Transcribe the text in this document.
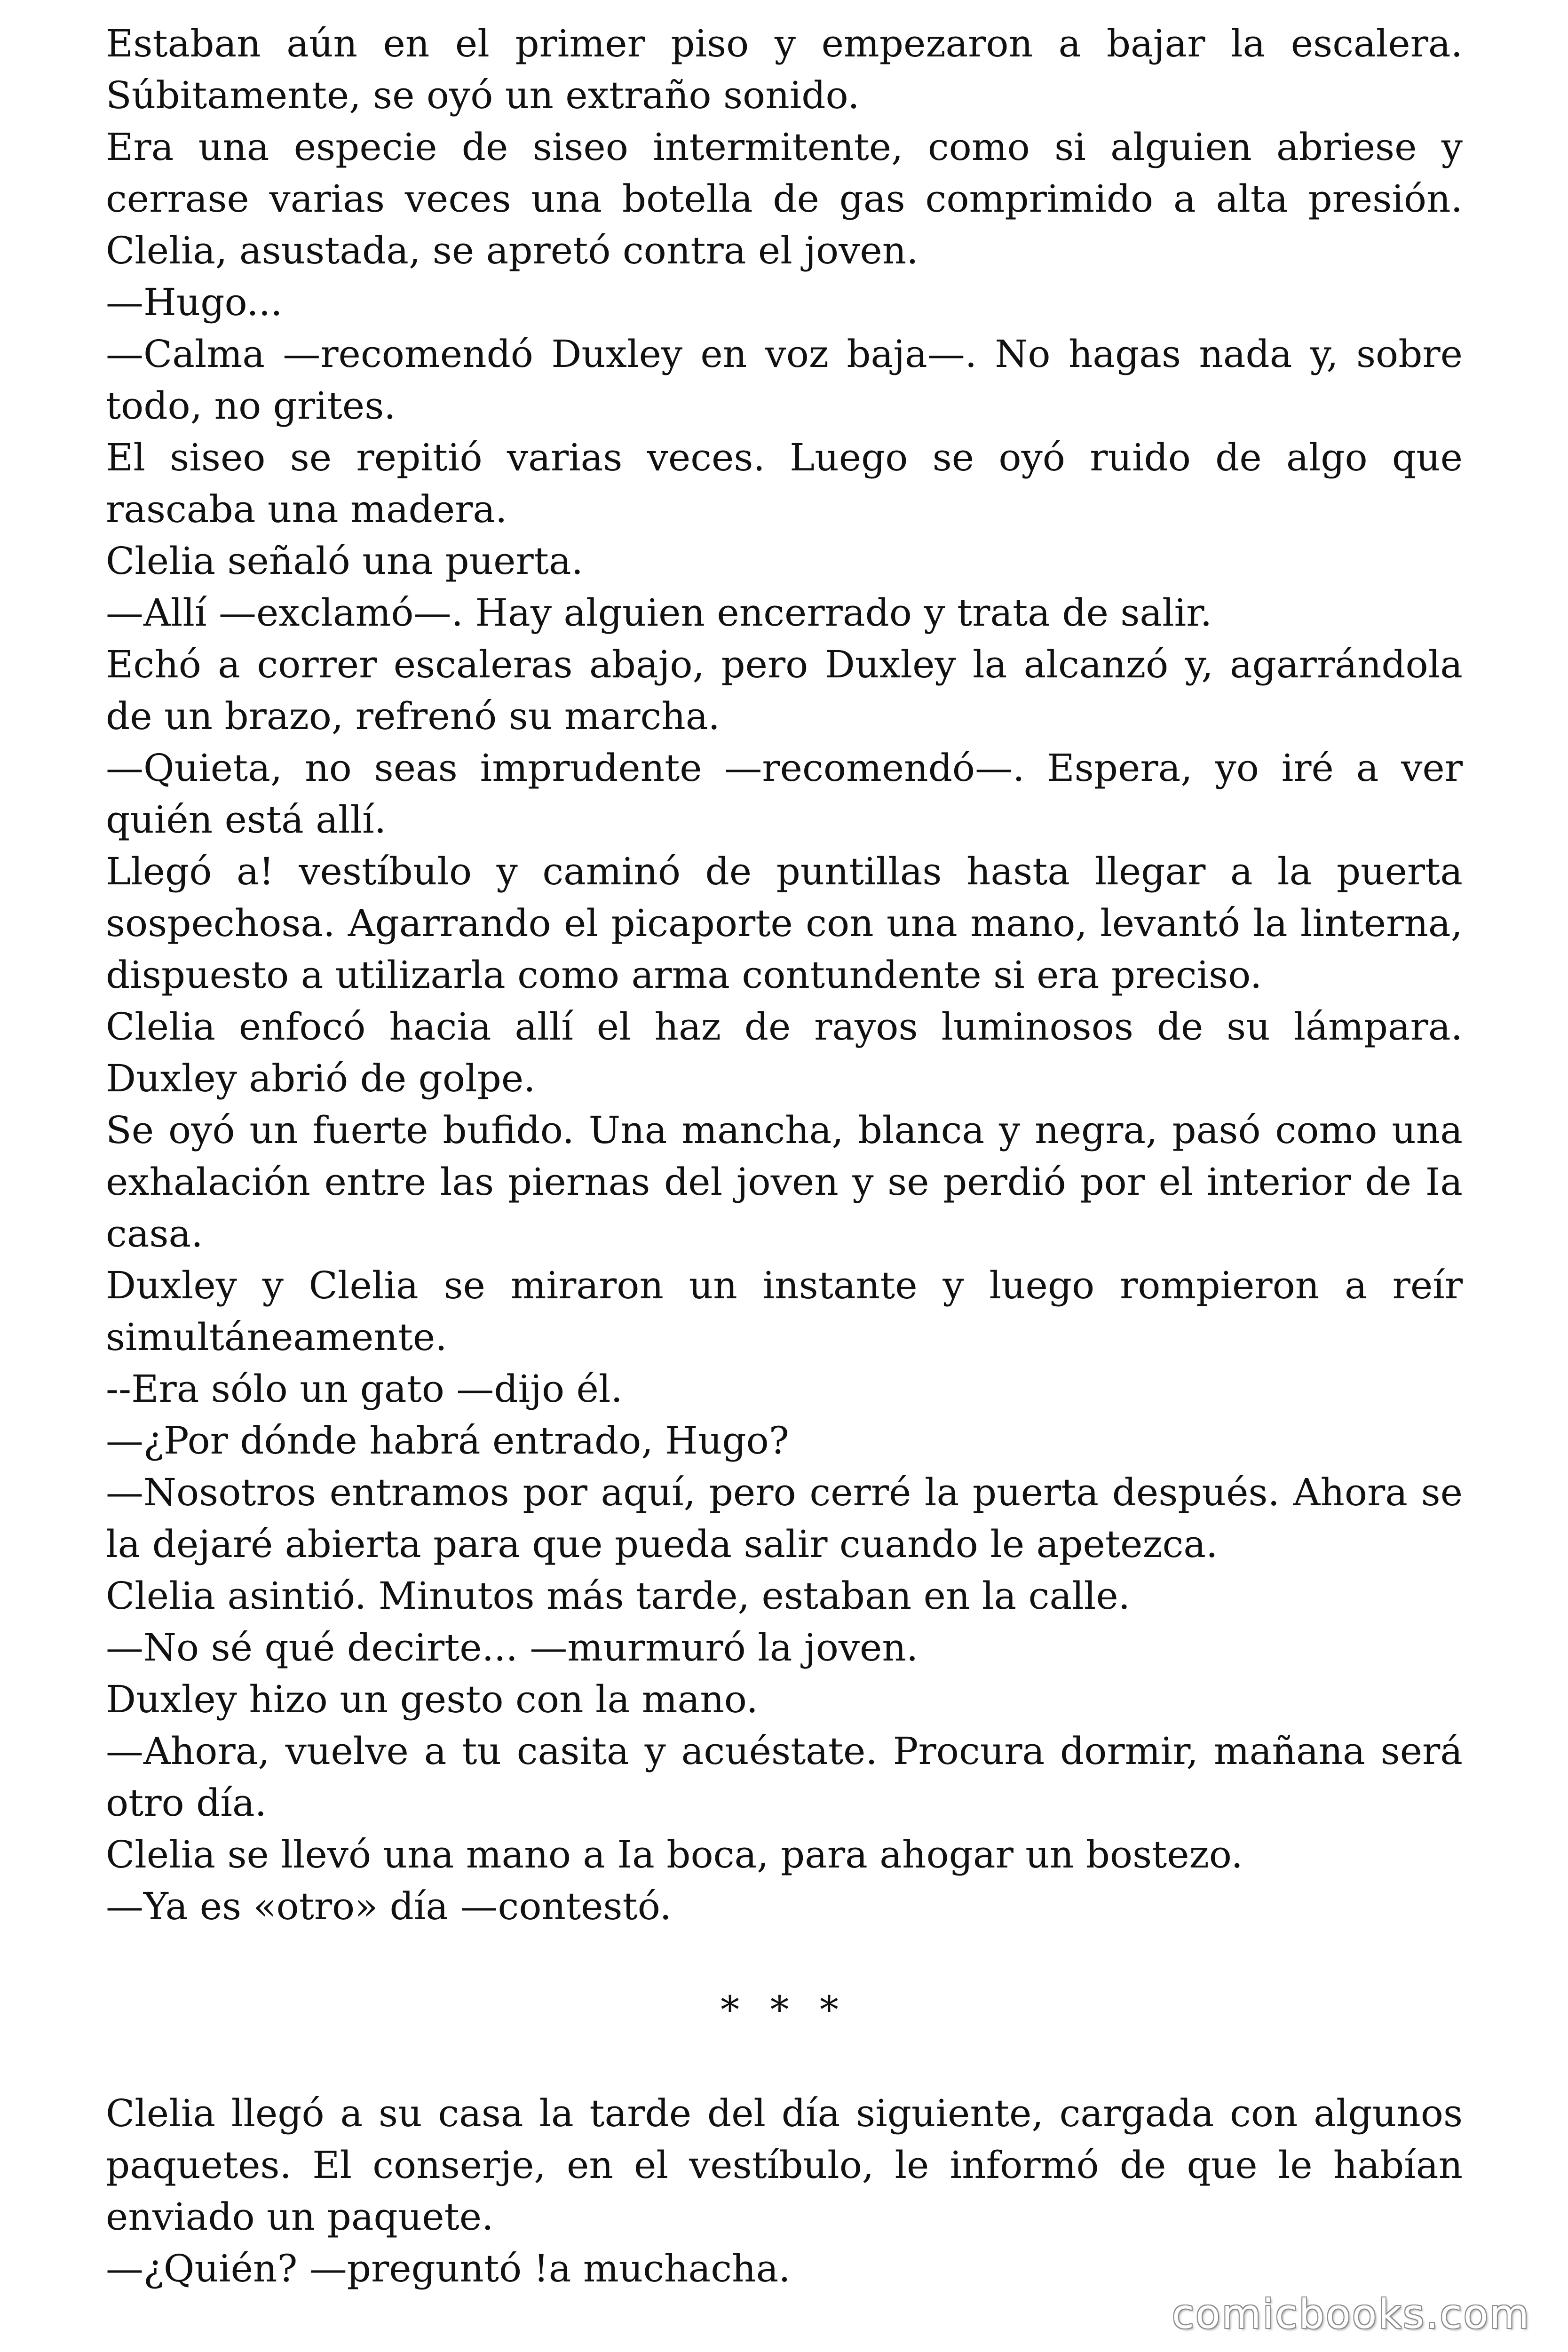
Estaban aún en el primer piso y empezaron a bajar la escalera. Súbitamente, se oyó un extraño sonido.

Era una especie de siseo intermitente, como si alguien abriese y cerrase varias veces una botella de gas comprimido a alta presión. Clelia, asustada, se apretó contra el joven.

—Hugo...

—Calma —recomendó Duxley en voz baja—. No hagas nada y, sobre todo, no grites.

El siseo se repitió varias veces. Luego se oyó ruido de algo que rascaba una madera.

Clelia señaló una puerta.

—Allí —exclamó—. Hay alguien encerrado y trata de salir.

Echó a correr escaleras abajo, pero Duxley la alcanzó y, agarrándola de un brazo, refrenó su marcha.

—Quieta, no seas imprudente —recomendó—. Espera, yo iré a ver quién está allí.

Llegó a! vestíbulo y caminó de puntillas hasta llegar a la puerta sospechosa. Agarrando el picaporte con una mano, levantó la linterna, dispuesto a utilizarla como arma contundente si era preciso.

Clelia enfocó hacia allí el haz de rayos luminosos de su lámpara. Duxley abrió de golpe.

Se oyó un fuerte bufido. Una mancha, blanca y negra, pasó como una exhalación entre las piernas del joven y se perdió por el interior de Ia casa.

Duxley y Clelia se miraron un instante y luego rompieron a reír simultáneamente.

--Era sólo un gato —dijo él.

—¿Por dónde habrá entrado, Hugo?

—Nosotros entramos por aquí, pero cerré la puerta después. Ahora se la dejaré abierta para que pueda salir cuando le apetezca.

Clelia asintió. Minutos más tarde, estaban en la calle.

—No sé qué decirte... —murmuró la joven.

Duxley hizo un gesto con la mano.

—Ahora, vuelve a tu casita y acuéstate. Procura dormir, mañana será otro día.

Clelia se llevó una mano a Ia boca, para ahogar un bostezo.

—Ya es «otro» día —contestó.

* * *

Clelia llegó a su casa la tarde del día siguiente, cargada con algunos paquetes. El conserje, en el vestíbulo, le informó de que le habían enviado un paquete.

—¿Quién? —preguntó !a muchacha.

comicbooks.com
